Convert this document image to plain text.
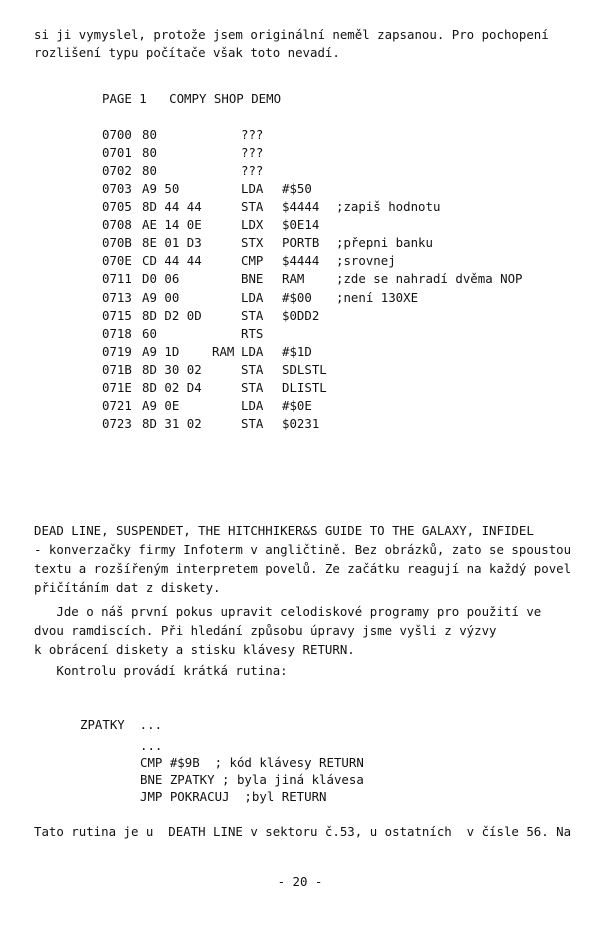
si ji vymyslel, protože jsem originální neměl zapsanou. Pro pochopení
rozlišení typu počítače však toto nevadí.
PAGE 1   COMPY SHOP DEMO
0700 80	???
0701 80	???
0702 80	???
0703 A9 50	LDA #$50
0705 8D 44 44	STA $4444 ;zapiš hodnotu
0708 AE 14 0E	LDX $0E14
070B 8E 01 D3	STX PORTB ;přepni banku
070E CD 44 44	CMP $4444 ;srovnej
0711 D0 06	BNE RAM	;zde se nahradí dvěma NOP
0713 A9 00	LDA #$00 ;není 130XE
0715 8D D2 0D	STA $0DD2
0718 60	RTS
0719 A9 1D	RAM LDA #$1D
071B 8D 30 02	STA SDLSTL
071E 8D 02 D4	STA DLISTL
0721 A9 0E	LDA #$0E
0723 8D 31 02	STA $0231
DEAD LINE, SUSPENDET, THE HITCHHIKER&S GUIDE TO THE GALAXY, INFIDEL
- konverzačky firmy Infoterm v angličtině. Bez obrázků, zato se spoustou
textu a rozšířeným interpretem povelů. Ze začátku reagují na každý povel
přičítáním dat z diskety.
Jde o náš první pokus upravit celodiskové programy pro použití ve
dvou ramdiscích. Při hledání způsobu úpravy jsme vyšli z výzvy
k obrácení diskety a stisku klávesy RETURN.
Kontrolu provádí krátká rutina:
ZPATKY  ...
...
CMP #$9B  ; kód klávesy RETURN
BNE ZPATKY ; byla jiná klávesa
JMP POKRACUJ  ;byl RETURN
Tato rutina je u  DEATH LINE v sektoru č.53, u ostatních  v čísle 56. Na
- 20 -
